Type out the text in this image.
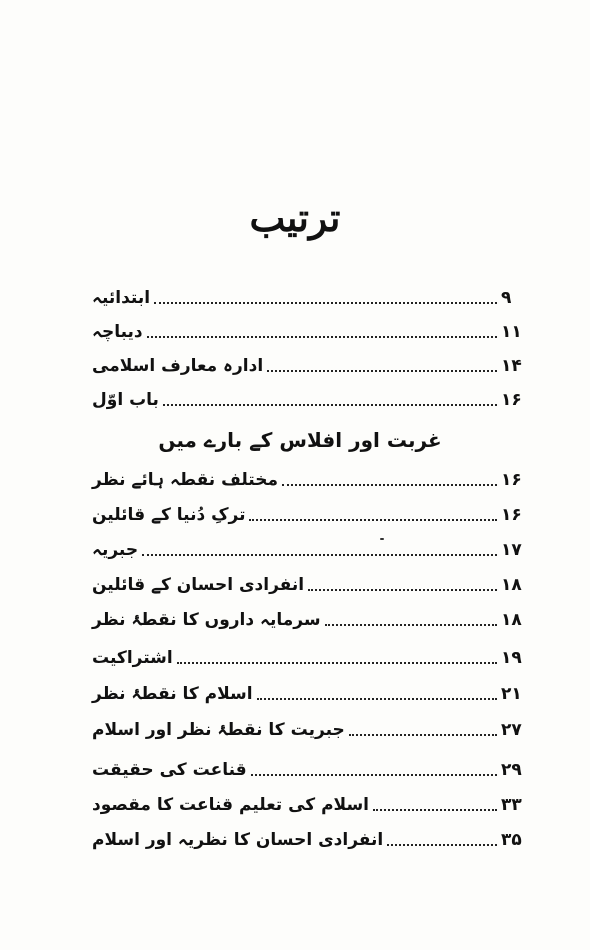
ترتیب
ابتدائیہ	۹
دیباچہ	۱۱
ادارہ معارف اسلامی	۱۴
باب اوّل	۱۶
غربت اور افلاس کے بارے میں
مختلف نقطہ ہائے نظر	۱۶
ترکِ دُنیا کے قائلین	۱۶
جبریہ	۱۷
انفرادی احسان کے قائلین	۱۸
سرمایہ داروں کا نقطۂ نظر	۱۸
اشتراکیت	۱۹
اسلام کا نقطۂ نظر	۲۱
جبریت کا نقطۂ نظر اور اسلام	۲۷
قناعت کی حقیقت	۲۹
اسلام کی تعلیم قناعت کا مقصود	۳۳
انفرادی احسان کا نظریہ اور اسلام	۳۵
